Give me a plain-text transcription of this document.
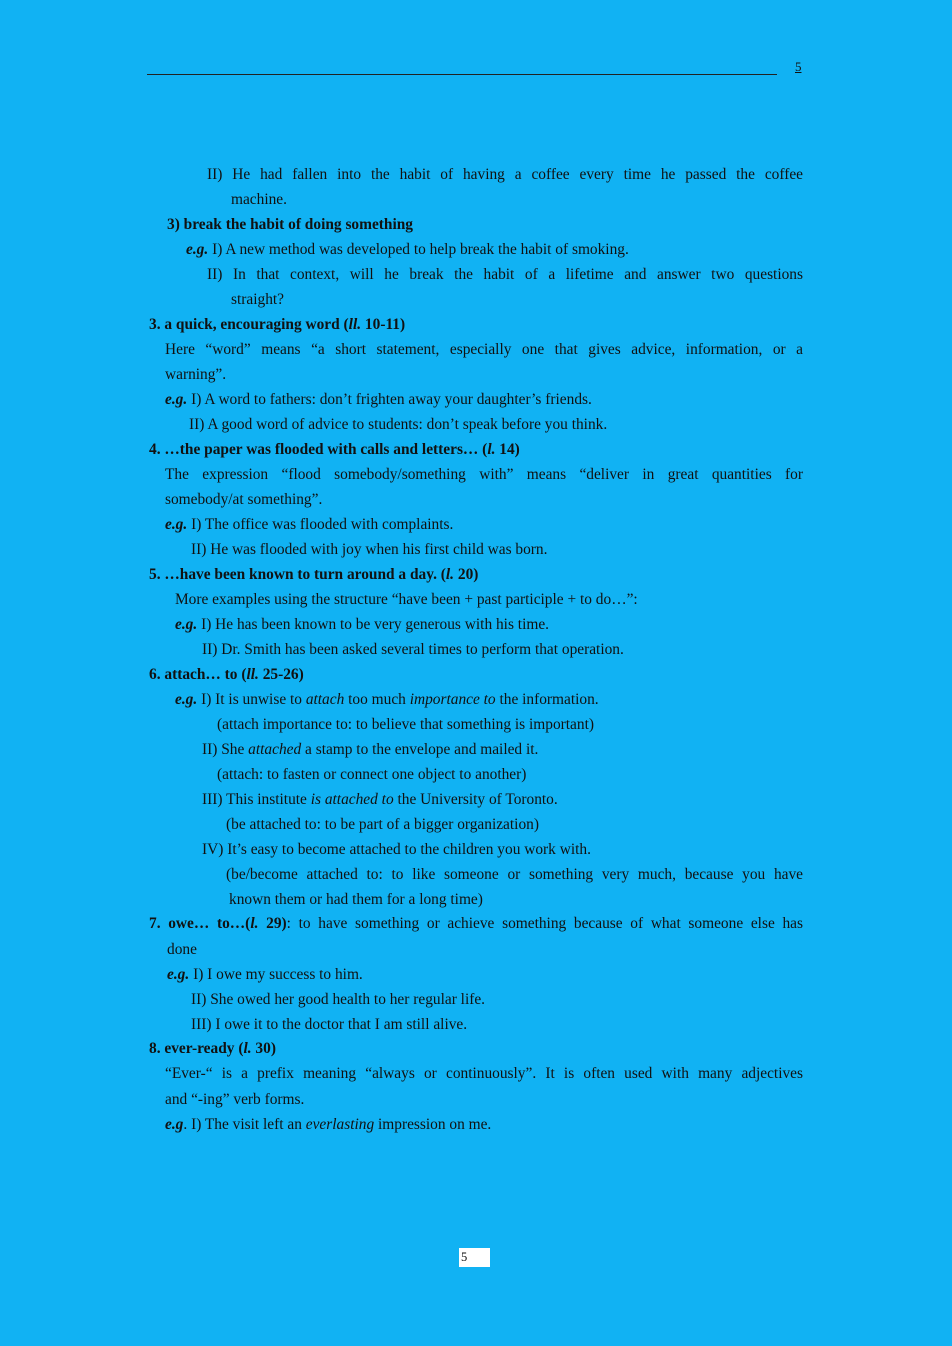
5
II) He had fallen into the habit of having a coffee every time he passed the coffee
machine.
3) break the habit of doing something
e.g. I) A new method was developed to help break the habit of smoking.
II) In that context, will he break the habit of a lifetime and answer two questions
straight?
3. a quick, encouraging word (ll. 10-11)
Here “word” means “a short statement, especially one that gives advice, information, or a
warning”.
e.g. I) A word to fathers: don’t frighten away your daughter’s friends.
II) A good word of advice to students: don’t speak before you think.
4. …the paper was flooded with calls and letters… (l. 14)
The expression “flood somebody/something with” means “deliver in great quantities for
somebody/at something”.
e.g. I) The office was flooded with complaints.
II) He was flooded with joy when his first child was born.
5. …have been known to turn around a day. (l. 20)
More examples using the structure “have been + past participle + to do…”:
e.g. I) He has been known to be very generous with his time.
II) Dr. Smith has been asked several times to perform that operation.
6. attach… to (ll. 25-26)
e.g. I) It is unwise to attach too much importance to the information.
(attach importance to: to believe that something is important)
II) She attached a stamp to the envelope and mailed it.
(attach: to fasten or connect one object to another)
III) This institute is attached to the University of Toronto.
(be attached to: to be part of a bigger organization)
IV) It’s easy to become attached to the children you work with.
(be/become attached to: to like someone or something very much, because you have
known them or had them for a long time)
7. owe… to…(l. 29): to have something or achieve something because of what someone else has
done
e.g. I) I owe my success to him.
II) She owed her good health to her regular life.
III) I owe it to the doctor that I am still alive.
8. ever-ready (l. 30)
“Ever-“ is a prefix meaning “always or continuously”. It is often used with many adjectives
and “-ing” verb forms.
e.g. I) The visit left an everlasting impression on me.
5
